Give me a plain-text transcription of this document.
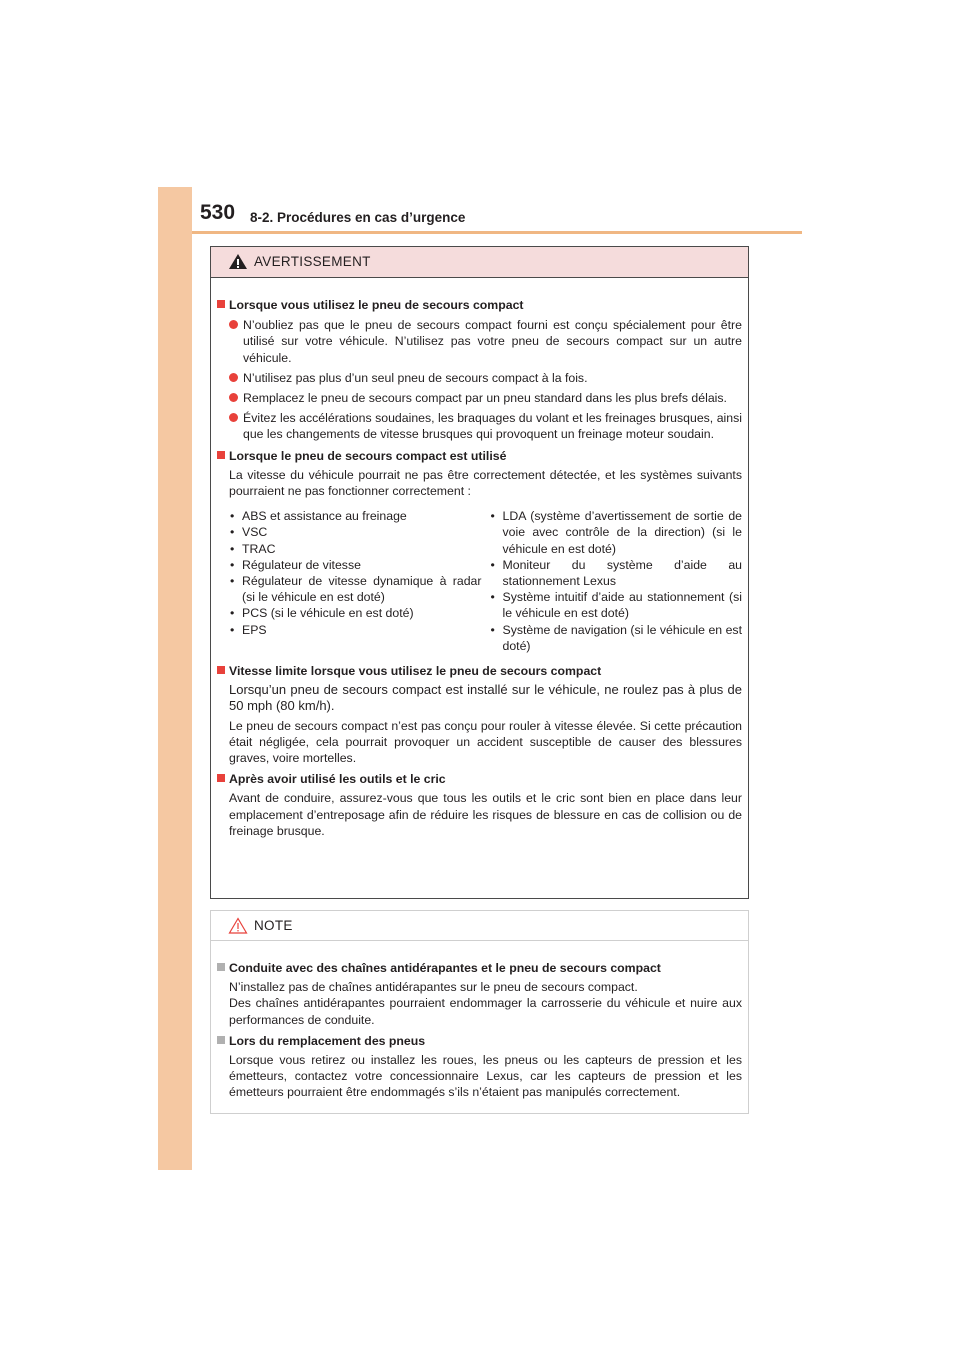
530 8-2. Procédures en cas d’urgence
AVERTISSEMENT
Lorsque vous utilisez le pneu de secours compact
N’oubliez pas que le pneu de secours compact fourni est conçu spécialement pour être utilisé sur votre véhicule. N’utilisez pas votre pneu de secours compact sur un autre véhicule.
N’utilisez pas plus d’un seul pneu de secours compact à la fois.
Remplacez le pneu de secours compact par un pneu standard dans les plus brefs délais.
Évitez les accélérations soudaines, les braquages du volant et les freinages brusques, ainsi que les changements de vitesse brusques qui provoquent un freinage moteur soudain.
Lorsque le pneu de secours compact est utilisé
La vitesse du véhicule pourrait ne pas être correctement détectée, et les systèmes suivants pourraient ne pas fonctionner correctement :
• ABS et assistance au freinage
• VSC
• TRAC
• Régulateur de vitesse
• Régulateur de vitesse dynamique à radar (si le véhicule en est doté)
• PCS (si le véhicule en est doté)
• EPS
• LDA (système d’avertissement de sortie de voie avec contrôle de la direction) (si le véhicule en est doté)
• Moniteur du système d’aide au stationnement Lexus
• Système intuitif d’aide au stationnement (si le véhicule en est doté)
• Système de navigation (si le véhicule en est doté)
Vitesse limite lorsque vous utilisez le pneu de secours compact
Lorsqu’un pneu de secours compact est installé sur le véhicule, ne roulez pas à plus de 50 mph (80 km/h).
Le pneu de secours compact n’est pas conçu pour rouler à vitesse élevée. Si cette précaution était négligée, cela pourrait provoquer un accident susceptible de causer des blessures graves, voire mortelles.
Après avoir utilisé les outils et le cric
Avant de conduire, assurez-vous que tous les outils et le cric sont bien en place dans leur emplacement d’entreposage afin de réduire les risques de blessure en cas de collision ou de freinage brusque.
NOTE
Conduite avec des chaînes antidérapantes et le pneu de secours compact
N’installez pas de chaînes antidérapantes sur le pneu de secours compact.
Des chaînes antidérapantes pourraient endommager la carrosserie du véhicule et nuire aux performances de conduite.
Lors du remplacement des pneus
Lorsque vous retirez ou installez les roues, les pneus ou les capteurs de pression et les émetteurs, contactez votre concessionnaire Lexus, car les capteurs de pression et les émetteurs pourraient être endommagés s’ils n’étaient pas manipulés correctement.
